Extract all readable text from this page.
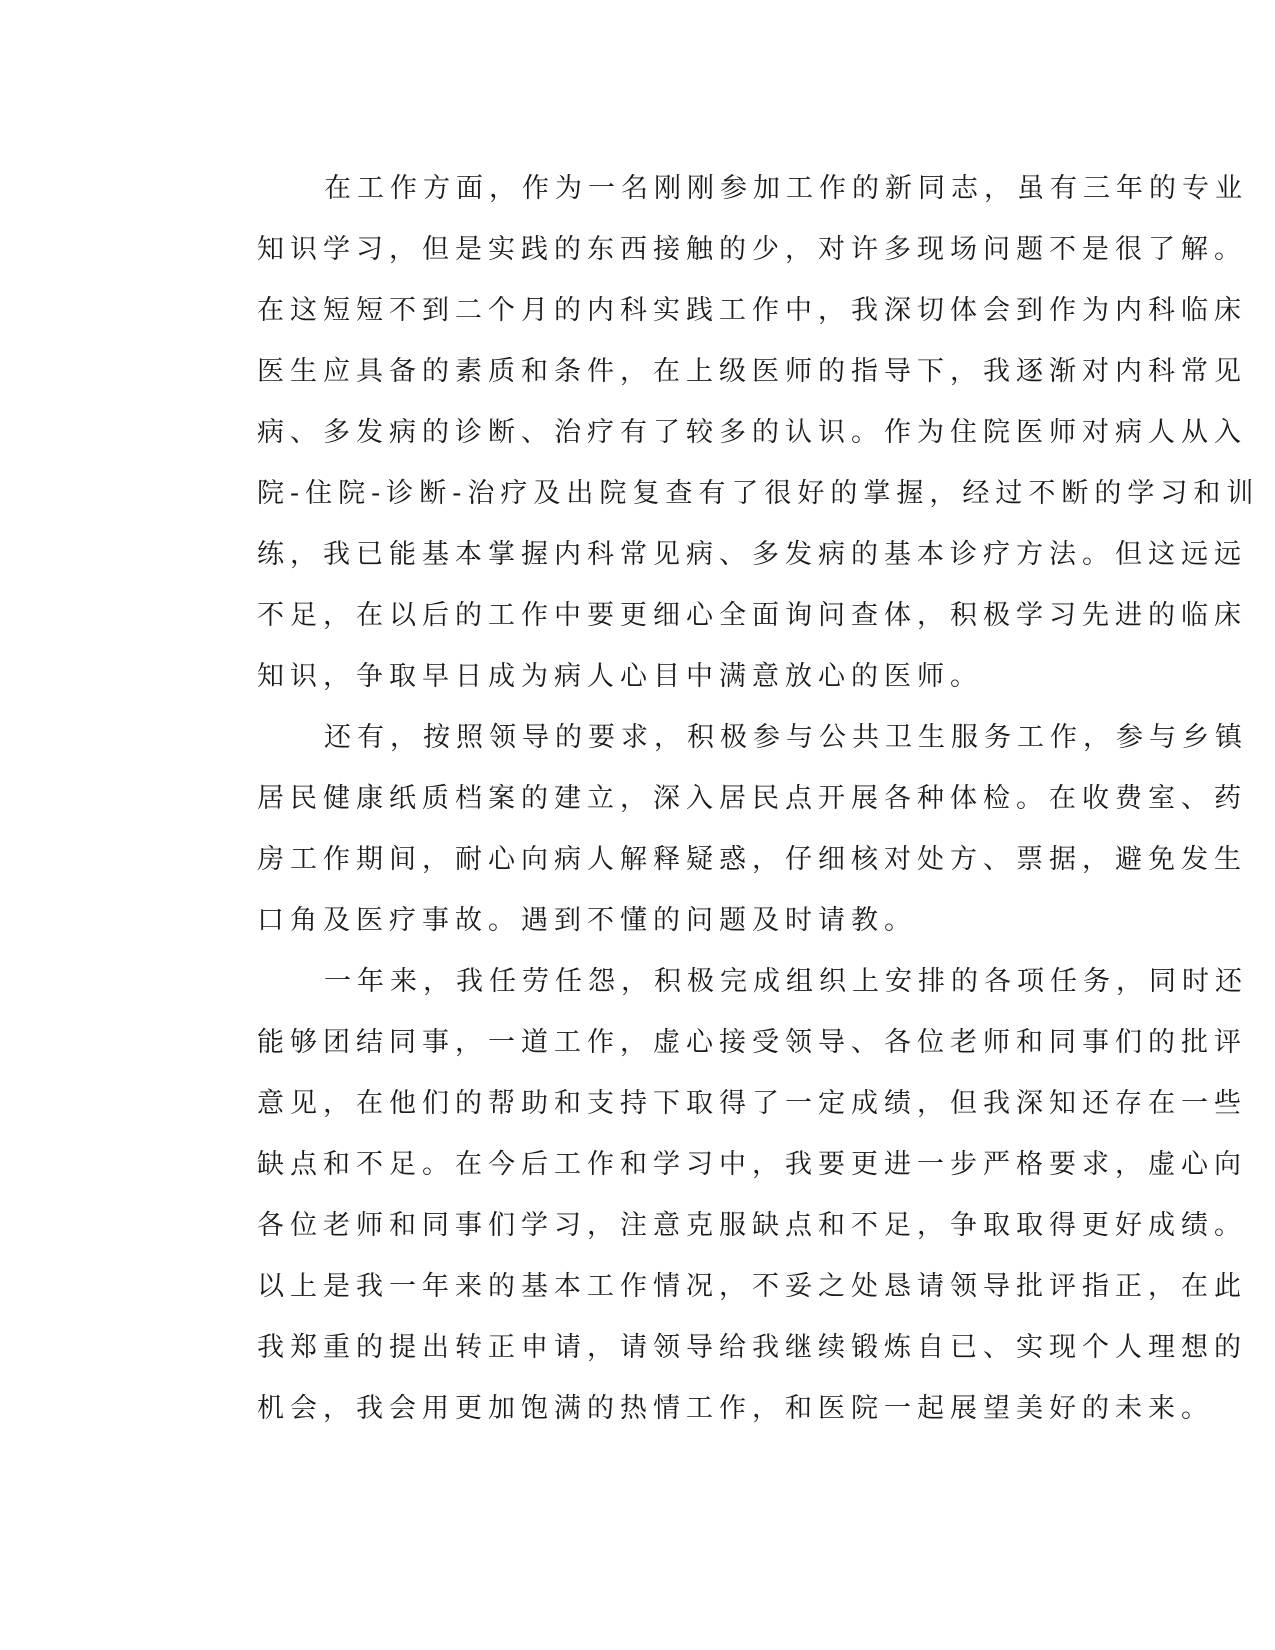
在工作方面，作为一名刚刚参加工作的新同志，虽有三年的专业
知识学习，但是实践的东西接触的少，对许多现场问题不是很了解。
在这短短不到二个月的内科实践工作中，我深切体会到作为内科临床
医生应具备的素质和条件，在上级医师的指导下，我逐渐对内科常见
病、多发病的诊断、治疗有了较多的认识。作为住院医师对病人从入
院-住院-诊断-治疗及出院复查有了很好的掌握，经过不断的学习和训
练，我已能基本掌握内科常见病、多发病的基本诊疗方法。但这远远
不足，在以后的工作中要更细心全面询问查体，积极学习先进的临床
知识，争取早日成为病人心目中满意放心的医师。
还有，按照领导的要求，积极参与公共卫生服务工作，参与乡镇
居民健康纸质档案的建立，深入居民点开展各种体检。在收费室、药
房工作期间，耐心向病人解释疑惑，仔细核对处方、票据，避免发生
口角及医疗事故。遇到不懂的问题及时请教。
一年来，我任劳任怨，积极完成组织上安排的各项任务，同时还
能够团结同事，一道工作，虚心接受领导、各位老师和同事们的批评
意见，在他们的帮助和支持下取得了一定成绩，但我深知还存在一些
缺点和不足。在今后工作和学习中，我要更进一步严格要求，虚心向
各位老师和同事们学习，注意克服缺点和不足，争取取得更好成绩。
以上是我一年来的基本工作情况，不妥之处恳请领导批评指正，在此
我郑重的提出转正申请，请领导给我继续锻炼自已、实现个人理想的
机会，我会用更加饱满的热情工作，和医院一起展望美好的未来。
